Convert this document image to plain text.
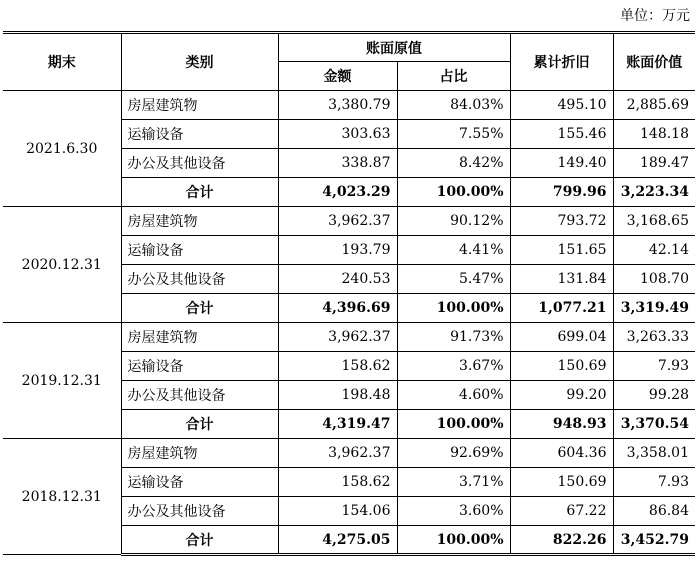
单位：万元
期末	类别	账面原值		累计折旧	账面价值
		金额	占比		
2021.6.30	房屋建筑物	3,380.79	84.03%	495.10	2,885.69
	运输设备	303.63	7.55%	155.46	148.18
	办公及其他设备	338.87	8.42%	149.40	189.47
	合计	4,023.29	100.00%	799.96	3,223.34
2020.12.31	房屋建筑物	3,962.37	90.12%	793.72	3,168.65
	运输设备	193.79	4.41%	151.65	42.14
	办公及其他设备	240.53	5.47%	131.84	108.70
	合计	4,396.69	100.00%	1,077.21	3,319.49
2019.12.31	房屋建筑物	3,962.37	91.73%	699.04	3,263.33
	运输设备	158.62	3.67%	150.69	7.93
	办公及其他设备	198.48	4.60%	99.20	99.28
	合计	4,319.47	100.00%	948.93	3,370.54
2018.12.31	房屋建筑物	3,962.37	92.69%	604.36	3,358.01
	运输设备	158.62	3.71%	150.69	7.93
	办公及其他设备	154.06	3.60%	67.22	86.84
	合计	4,275.05	100.00%	822.26	3,452.79
